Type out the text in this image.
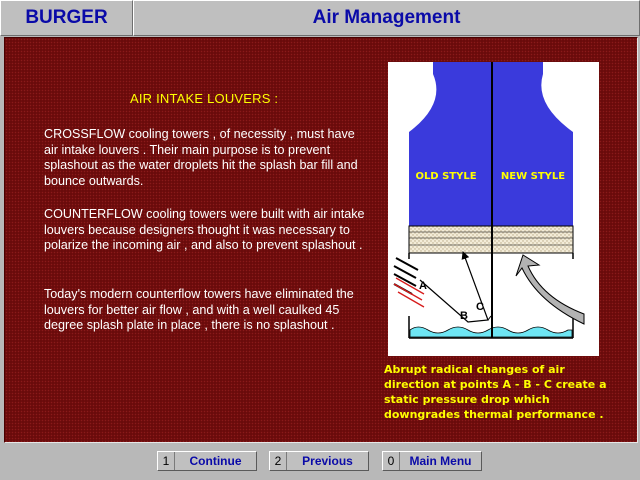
BURGER	Air Management
AIR INTAKE LOUVERS :
CROSSFLOW cooling towers , of necessity , must have air intake louvers . Their main purpose is to prevent splashout as the water droplets hit the splash bar fill and bounce outwards.
COUNTERFLOW cooling towers were built with air intake louvers because designers thought it was necessary to polarize the incoming air , and also to prevent splashout .
Today's modern counterflow towers have eliminated the louvers for better air flow , and with a well caulked 45 degree splash plate in place , there is no splashout .
A
B
C
OLD STYLE NEW STYLE
Abrupt radical changes of air direction at points A - B - C create a static pressure drop which downgrades thermal performance .
1	Continue	2	Previous	0	Main Menu
